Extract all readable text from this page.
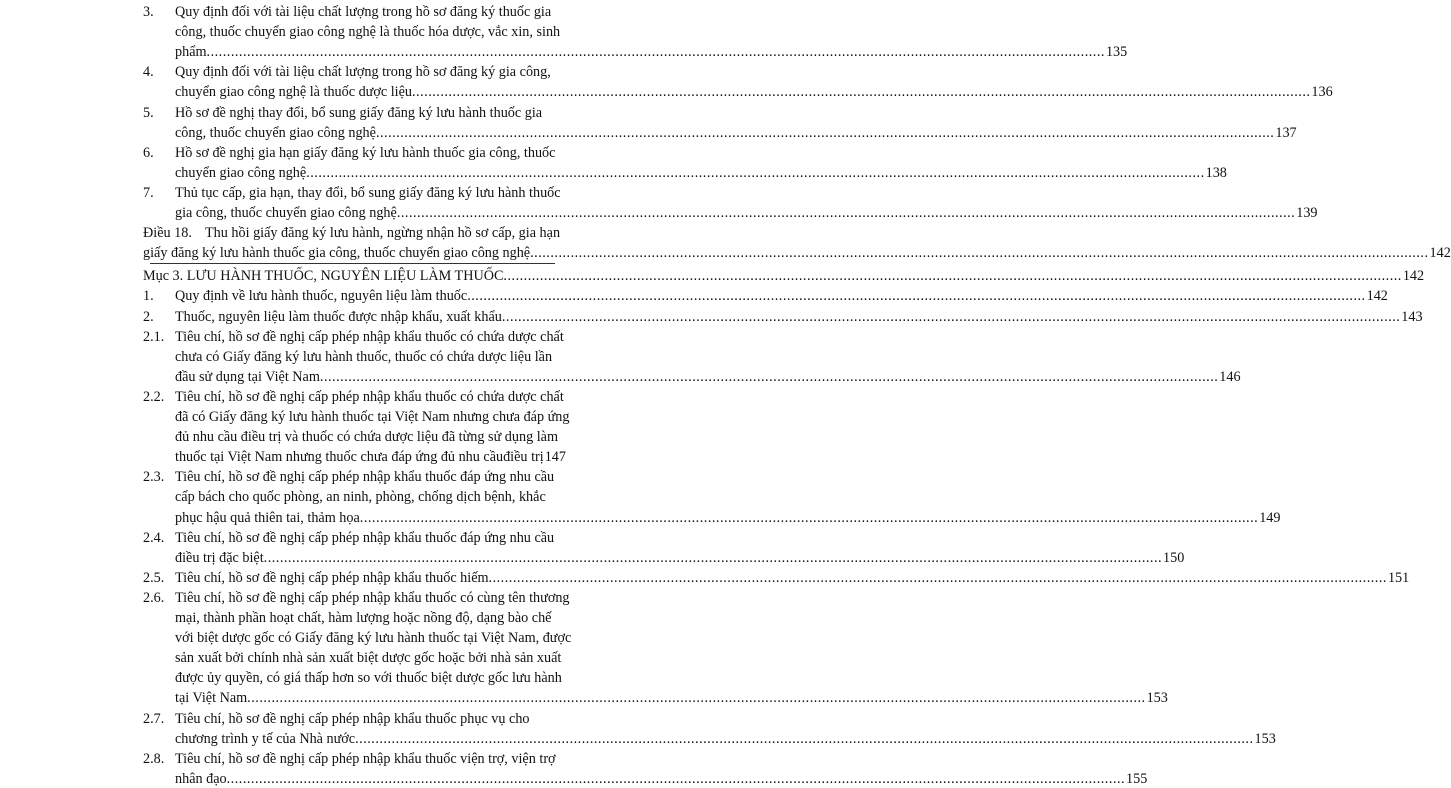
3. Quy định đối với tài liệu chất lượng trong hồ sơ đăng ký thuốc gia
công, thuốc chuyển giao công nghệ là thuốc hóa dược, vắc xin, sinh
phẩm .....	135
4. Quy định đối với tài liệu chất lượng trong hồ sơ đăng ký gia công,
chuyển giao công nghệ là thuốc dược liệu .....	136
5. Hồ sơ đề nghị thay đổi, bổ sung giấy đăng ký lưu hành thuốc gia
công, thuốc chuyển giao công nghệ .....	137
6. Hồ sơ đề nghị gia hạn giấy đăng ký lưu hành thuốc gia công, thuốc
chuyển giao công nghệ .....	138
7. Thủ tục cấp, gia hạn, thay đổi, bổ sung giấy đăng ký lưu hành thuốc
gia công, thuốc chuyển giao công nghệ .....	139
Điều 18. Thu hồi giấy đăng ký lưu hành, ngừng nhận hồ sơ cấp, gia hạn
giấy đăng ký lưu hành thuốc gia công, thuốc chuyển giao công nghệ .....	142
Mục 3. LƯU HÀNH THUỐC, NGUYÊN LIỆU LÀM THUỐC .....	142
1. Quy định về lưu hành thuốc, nguyên liệu làm thuốc .....	142
2. Thuốc, nguyên liệu làm thuốc được nhập khẩu, xuất khẩu .....	143
2.1. Tiêu chí, hồ sơ đề nghị cấp phép nhập khẩu thuốc có chứa dược chất
chưa có Giấy đăng ký lưu hành thuốc, thuốc có chứa dược liệu lần
đầu sử dụng tại Việt Nam .....	146
2.2. Tiêu chí, hồ sơ đề nghị cấp phép nhập khẩu thuốc có chứa dược chất
đã có Giấy đăng ký lưu hành thuốc tại Việt Nam nhưng chưa đáp ứng
đủ nhu cầu điều trị và thuốc có chứa dược liệu đã từng sử dụng làm
thuốc tại Việt Nam nhưng thuốc chưa đáp ứng đủ nhu cầuđiều trị 147
2.3. Tiêu chí, hồ sơ đề nghị cấp phép nhập khẩu thuốc đáp ứng nhu cầu
cấp bách cho quốc phòng, an ninh, phòng, chống dịch bệnh, khắc
phục hậu quả thiên tai, thảm họa .....	149
2.4. Tiêu chí, hồ sơ đề nghị cấp phép nhập khẩu thuốc đáp ứng nhu cầu
điều trị đặc biệt .....	150
2.5. Tiêu chí, hồ sơ đề nghị cấp phép nhập khẩu thuốc hiếm .....	151
2.6. Tiêu chí, hồ sơ đề nghị cấp phép nhập khẩu thuốc có cùng tên thương
mại, thành phần hoạt chất, hàm lượng hoặc nồng độ, dạng bào chế
với biệt dược gốc có Giấy đăng ký lưu hành thuốc tại Việt Nam, được
sản xuất bởi chính nhà sản xuất biệt dược gốc hoặc bởi nhà sản xuất
được ủy quyền, có giá thấp hơn so với thuốc biệt dược gốc lưu hành
tại Việt Nam .....	153
2.7. Tiêu chí, hồ sơ đề nghị cấp phép nhập khẩu thuốc phục vụ cho
chương trình y tế của Nhà nước .....	153
2.8. Tiêu chí, hồ sơ đề nghị cấp phép nhập khẩu thuốc viện trợ, viện trợ
nhân đạo .....	155
